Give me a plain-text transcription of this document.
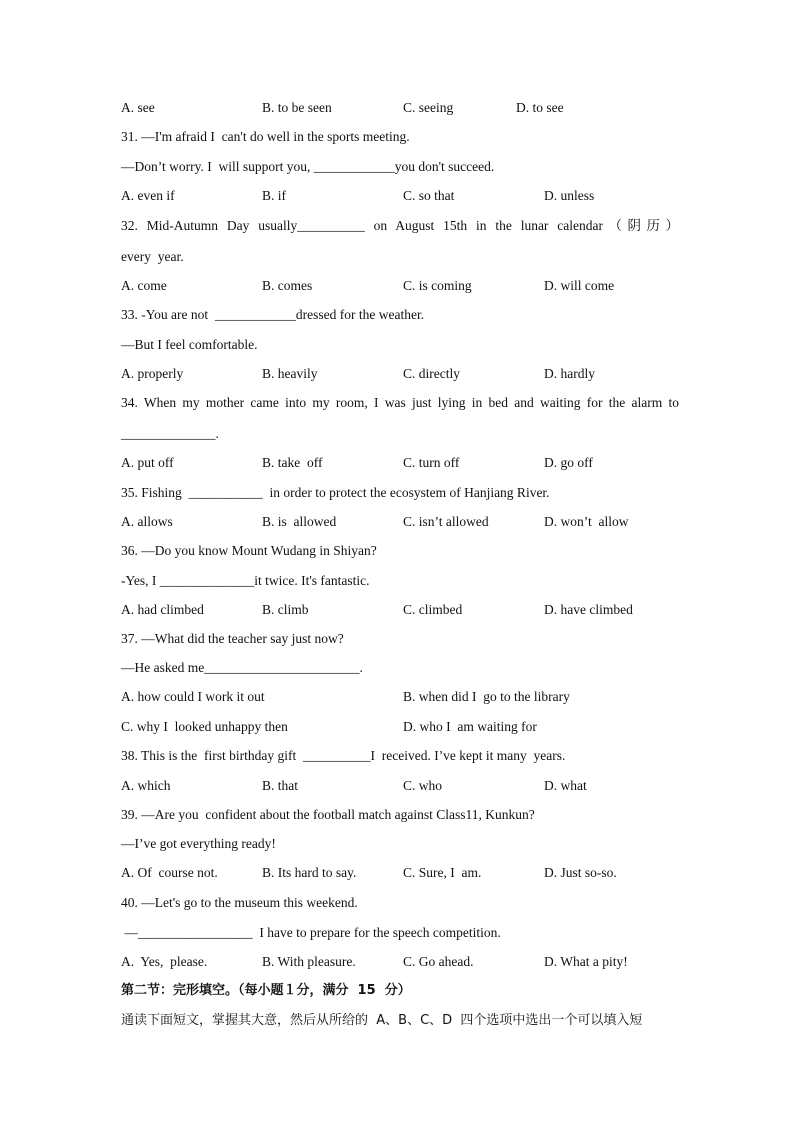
A. see	B. to be seen	C. seeing	D. to see
31. —I'm afraid I  can't do well in the sports meeting.
—Don’t worry. I  will support you, ____________you don't succeed.
A. even if	B. if	C. so that	D. unless
32. Mid-Autumn Day usually__________ on August 15th in the lunar calendar（阴历）
every  year.
A. come	B. comes	C. is coming	D. will come
33. -You are not  ____________dressed for the weather.
—But I feel comfortable.
A. properly	B. heavily	C. directly	D. hardly
34. When my mother came into my room, I was just lying in bed and waiting for the alarm to
______________.
A. put off	B. take  off	C. turn off	D. go off
35. Fishing  ___________  in order to protect the ecosystem of Hanjiang River.
A. allows	B. is  allowed	C. isn’t allowed	D. won’t  allow
36. —Do you know Mount Wudang in Shiyan?
-Yes, I ______________it twice. It's fantastic.
A. had climbed	B. climb	C. climbed	D. have climbed
37. —What did the teacher say just now?
—He asked me_______________________.
A. how could I work it out	B. when did I  go to the library
C. why I  looked unhappy then	D. who I  am waiting for
38. This is the  first birthday gift  __________I  received. I’ve kept it many  years.
A. which	B. that	C. who	D. what
39. —Are you  confident about the football match against Class11, Kunkun?
—I’ve got everything ready!
A. Of  course not.	B. Its hard to say.	C. Sure, I  am.	D. Just so-so.
40. —Let's go to the museum this weekend.
—_________________  I have to prepare for the speech competition.
A.  Yes,  please.	B. With pleasure.	C. Go ahead.	D. What a pity!
第二节：完形填空。（每小题１分，满分  15  分）
通读下面短文，掌握其大意，然后从所给的  A、B、C、D  四个选项中选出一个可以填入短
